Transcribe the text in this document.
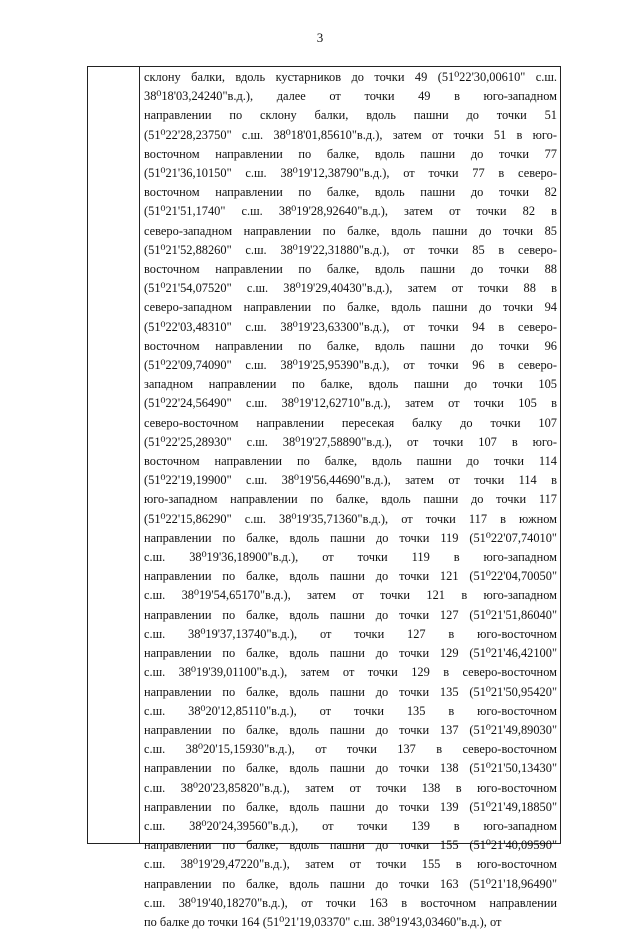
3
склону балки, вдоль кустарников до точки 49 (51⁰22'30,00610" с.ш.
38⁰18'03,24240"в.д.), далее от точки 49 в юго-западном
направлении по склону балки, вдоль пашни до точки 51
(51⁰22'28,23750" с.ш. 38⁰18'01,85610"в.д.), затем от точки 51 в юго-
восточном направлении по балке, вдоль пашни до точки 77
(51⁰21'36,10150" с.ш. 38⁰19'12,38790"в.д.), от точки 77 в северо-
восточном направлении по балке, вдоль пашни до точки 82
(51⁰21'51,1740" с.ш. 38⁰19'28,92640"в.д.), затем от точки 82 в
северо-западном направлении по балке, вдоль пашни до точки 85
(51⁰21'52,88260" с.ш. 38⁰19'22,31880"в.д.), от точки 85 в северо-
восточном направлении по балке, вдоль пашни до точки 88
(51⁰21'54,07520" с.ш. 38⁰19'29,40430"в.д.), затем от точки 88 в
северо-западном направлении по балке, вдоль пашни до точки 94
(51⁰22'03,48310" с.ш. 38⁰19'23,63300"в.д.), от точки 94 в северо-
восточном направлении по балке, вдоль пашни до точки 96
(51⁰22'09,74090" с.ш. 38⁰19'25,95390"в.д.), от точки 96 в северо-
западном направлении по балке, вдоль пашни до точки 105
(51⁰22'24,56490" с.ш. 38⁰19'12,62710"в.д.), затем от точки 105 в
северо-восточном направлении пересекая балку до точки 107
(51⁰22'25,28930" с.ш. 38⁰19'27,58890"в.д.), от точки 107 в юго-
восточном направлении по балке, вдоль пашни до точки 114
(51⁰22'19,19900" с.ш. 38⁰19'56,44690"в.д.), затем от точки 114 в
юго-западном направлении по балке, вдоль пашни до точки 117
(51⁰22'15,86290" с.ш. 38⁰19'35,71360"в.д.), от точки 117 в южном
направлении по балке, вдоль пашни до точки 119 (51⁰22'07,74010"
с.ш. 38⁰19'36,18900"в.д.), от точки 119 в юго-западном
направлении по балке, вдоль пашни до точки 121 (51⁰22'04,70050"
с.ш. 38⁰19'54,65170"в.д.), затем от точки 121 в юго-западном
направлении по балке, вдоль пашни до точки 127 (51⁰21'51,86040"
с.ш. 38⁰19'37,13740"в.д.), от точки 127 в юго-восточном
направлении по балке, вдоль пашни до точки 129 (51⁰21'46,42100"
с.ш. 38⁰19'39,01100"в.д.), затем от точки 129 в северо-восточном
направлении по балке, вдоль пашни до точки 135 (51⁰21'50,95420"
с.ш. 38⁰20'12,85110"в.д.), от точки 135 в юго-восточном
направлении по балке, вдоль пашни до точки 137 (51⁰21'49,89030"
с.ш. 38⁰20'15,15930"в.д.), от точки 137 в северо-восточном
направлении по балке, вдоль пашни до точки 138 (51⁰21'50,13430"
с.ш. 38⁰20'23,85820"в.д.), затем от точки 138 в юго-восточном
направлении по балке, вдоль пашни до точки 139 (51⁰21'49,18850"
с.ш. 38⁰20'24,39560"в.д.), от точки 139 в юго-западном
направлении по балке, вдоль пашни до точки 155 (51⁰21'40,09590"
с.ш. 38⁰19'29,47220"в.д.), затем от точки 155 в юго-восточном
направлении по балке, вдоль пашни до точки 163 (51⁰21'18,96490"
с.ш. 38⁰19'40,18270"в.д.), от точки 163 в восточном направлении
по балке до точки 164 (51⁰21'19,03370" с.ш. 38⁰19'43,03460"в.д.), от
